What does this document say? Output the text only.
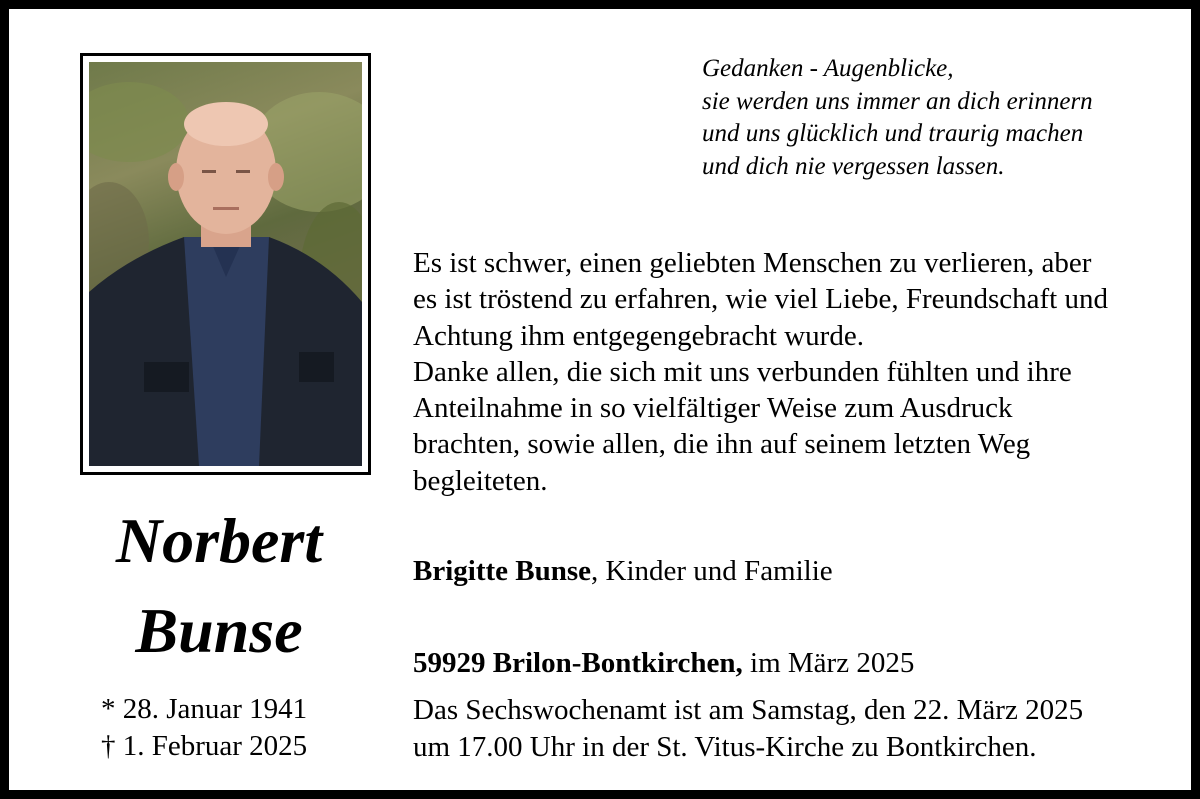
Norbert
Bunse
* 28. Januar 1941
† 1. Februar 2025
Gedanken - Augenblicke,
sie werden uns immer an dich erinnern
und uns glücklich und traurig machen
und dich nie vergessen lassen.
Es ist schwer, einen geliebten Menschen zu verlieren, aber
es ist tröstend zu erfahren, wie viel Liebe, Freundschaft und
Achtung ihm entgegengebracht wurde.
Danke allen, die sich mit uns verbunden fühlten und ihre
Anteilnahme in so vielfältiger Weise zum Ausdruck
brachten, sowie allen, die ihn auf seinem letzten Weg
begleiteten.
Brigitte Bunse, Kinder und Familie
59929 Brilon-Bontkirchen, im März 2025
Das Sechswochenamt ist am Samstag, den 22. März 2025
um 17.00 Uhr in der St. Vitus-Kirche zu Bontkirchen.
